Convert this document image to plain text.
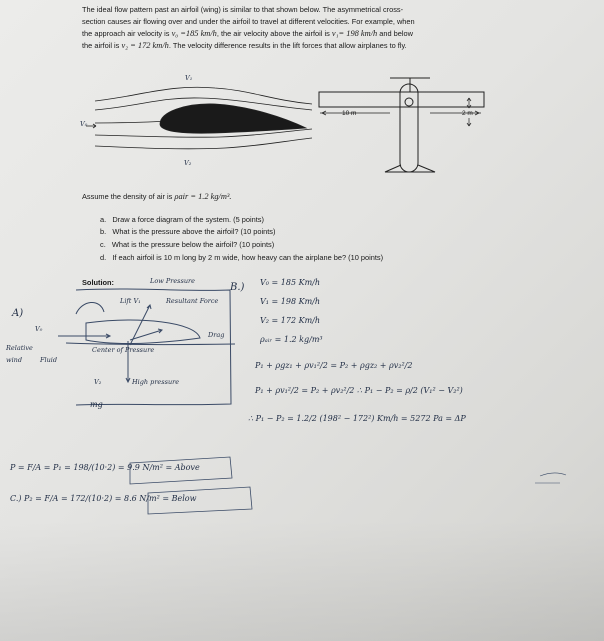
The ideal flow pattern past an airfoil (wing) is similar to that shown below. The asymmetrical cross-
section causes air flowing over and under the airfoil to travel at different velocities. For example, when
the approach air velocity is v₀ =185 km/h, the air velocity above the airfoil is v₁= 198 km/h and below
the airfoil is v₂ = 172 km/h. The velocity difference results in the lift forces that allow airplanes to fly.
V₁
V₀
V₂
10 m	2 m
Assume the density of air is ρair = 1.2 kg/m³.
a. Draw a force diagram of the system. (5 points)
b. What is the pressure above the airfoil? (10 points)
c. What is the pressure below the airfoil? (10 points)
d. If each airfoil is 10 m long by 2 m wide, how heavy can the airplane be? (10 points)
Solution:
A)
Low Pressure
Lift V₁	Resultant Force
V₀
Relative
wind	Fluid
Drag
Center of Pressure
V₂	High pressure
mg
B.) V₀ = 185 Km/h
V₁ = 198 Km/h
V₂ = 172 Km/h
ρₐᵢᵣ = 1.2 kg/m³
P₁ + ρgz₁ + ρv₁²/2 = P₂ + ρgz₂ + ρv₂²/2
P₁ + ρv₁²/2 = P₂ + ρv₂²/2 ∴ P₁ − P₂ = ρ/2 (V₁² − V₂²)
∴ P₁ − P₂ = 1.2/2 (198² − 172²) Km/h = 5272 Pa = ΔP
P = F/A = P₁ = 198/(10·2) = 9.9 N/m² = Above
C.) P₂ = F/A = 172/(10·2) = 8.6 N/m² = Below
